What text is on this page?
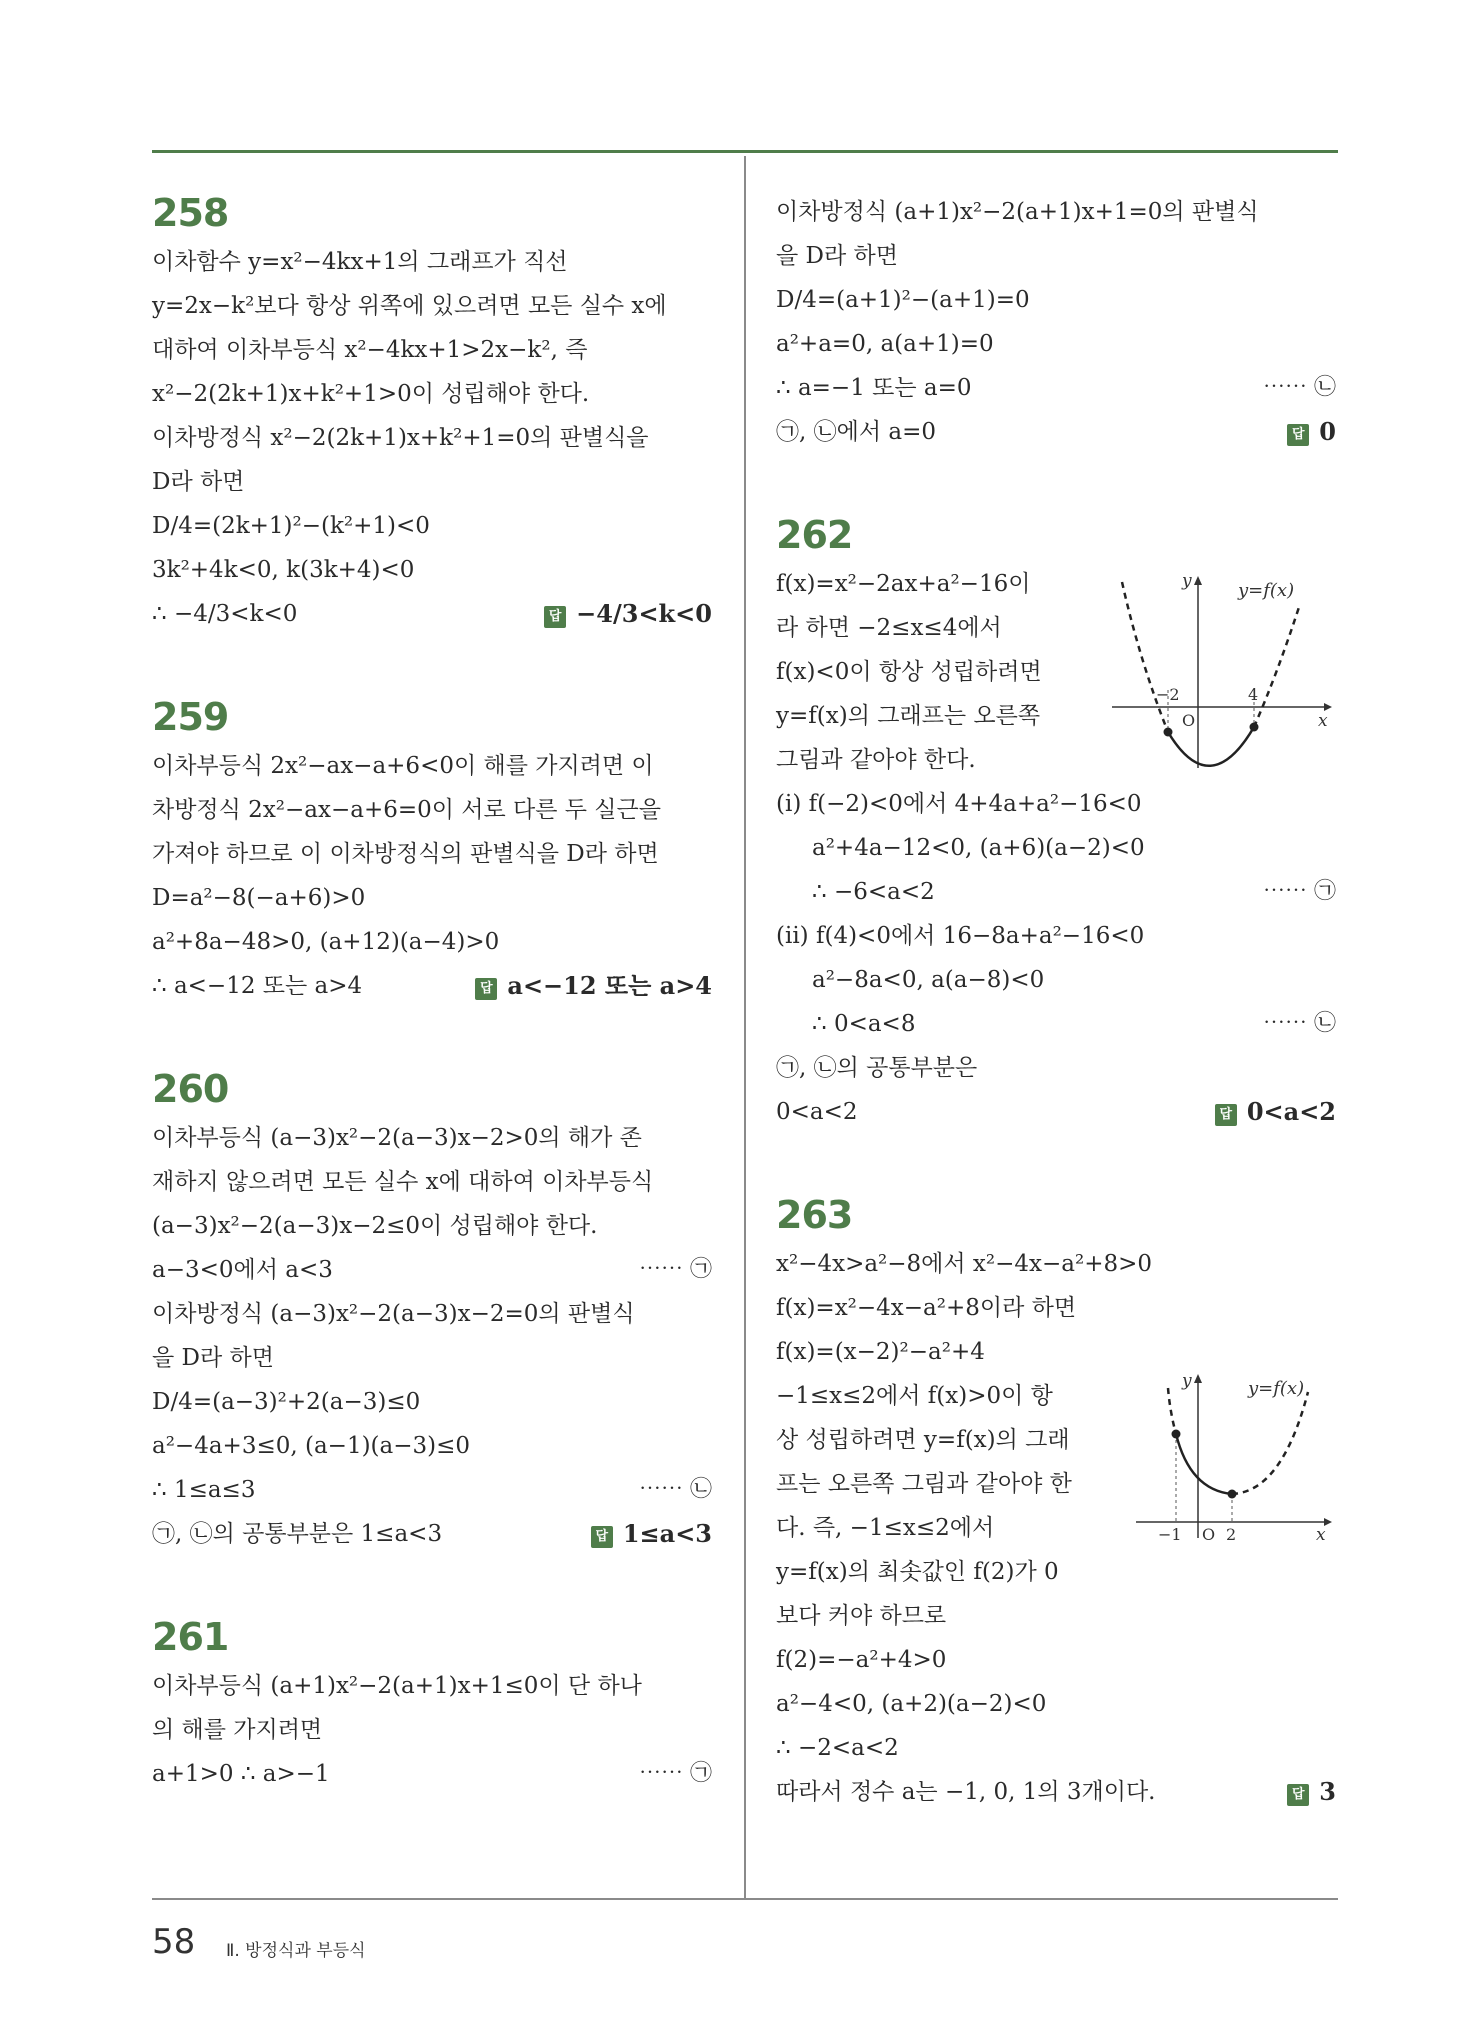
258
이차함수 y=x²−4kx+1의 그래프가 직선
y=2x−k²보다 항상 위쪽에 있으려면 모든 실수 x에
대하여 이차부등식 x²−4kx+1>2x−k², 즉
x²−2(2k+1)x+k²+1>0이 성립해야 한다.
이차방정식 x²−2(2k+1)x+k²+1=0의 판별식을
D라 하면
D/4=(2k+1)²−(k²+1)<0
3k²+4k<0, k(3k+4)<0
∴ −4/3<k<0	답 −4/3<k<0
259
이차부등식 2x²−ax−a+6<0이 해를 가지려면 이
차방정식 2x²−ax−a+6=0이 서로 다른 두 실근을
가져야 하므로 이 이차방정식의 판별식을 D라 하면
D=a²−8(−a+6)>0
a²+8a−48>0, (a+12)(a−4)>0
∴ a<−12 또는 a>4	답 a<−12 또는 a>4
260
이차부등식 (a−3)x²−2(a−3)x−2>0의 해가 존
재하지 않으려면 모든 실수 x에 대하여 이차부등식
(a−3)x²−2(a−3)x−2≤0이 성립해야 한다.
a−3<0에서 a<3	⋯⋯ ㉠
이차방정식 (a−3)x²−2(a−3)x−2=0의 판별식
을 D라 하면
D/4=(a−3)²+2(a−3)≤0
a²−4a+3≤0, (a−1)(a−3)≤0
∴ 1≤a≤3	⋯⋯ ㉡
㉠, ㉡의 공통부분은 1≤a<3	답 1≤a<3
261
이차부등식 (a+1)x²−2(a+1)x+1≤0이 단 하나
의 해를 가지려면
a+1>0 ∴ a>−1	⋯⋯ ㉠
이차방정식 (a+1)x²−2(a+1)x+1=0의 판별식
을 D라 하면
D/4=(a+1)²−(a+1)=0
a²+a=0, a(a+1)=0
∴ a=−1 또는 a=0	⋯⋯ ㉡
㉠, ㉡에서 a=0	답 0
262
f(x)=x²−2ax+a²−16이
라 하면 −2≤x≤4에서
f(x)<0이 항상 성립하려면
y=f(x)의 그래프는 오른쪽
그림과 같아야 한다.
(i) f(−2)<0에서 4+4a+a²−16<0
a²+4a−12<0, (a+6)(a−2)<0
∴ −6<a<2	⋯⋯ ㉠
(ii) f(4)<0에서 16−8a+a²−16<0
a²−8a<0, a(a−8)<0
∴ 0<a<8	⋯⋯ ㉡
㉠, ㉡의 공통부분은
0<a<2	답 0<a<2
y
x
y=f(x)
O
−2	4
263
x²−4x>a²−8에서 x²−4x−a²+8>0
f(x)=x²−4x−a²+8이라 하면
f(x)=(x−2)²−a²+4
−1≤x≤2에서 f(x)>0이 항
상 성립하려면 y=f(x)의 그래
프는 오른쪽 그림과 같아야 한
다. 즉, −1≤x≤2에서
y=f(x)의 최솟값인 f(2)가 0
보다 커야 하므로
f(2)=−a²+4>0
a²−4<0, (a+2)(a−2)<0
∴ −2<a<2
따라서 정수 a는 −1, 0, 1의 3개이다.	답 3
y
x
y=f(x)
O
−1	2
58 Ⅱ. 방정식과 부등식
